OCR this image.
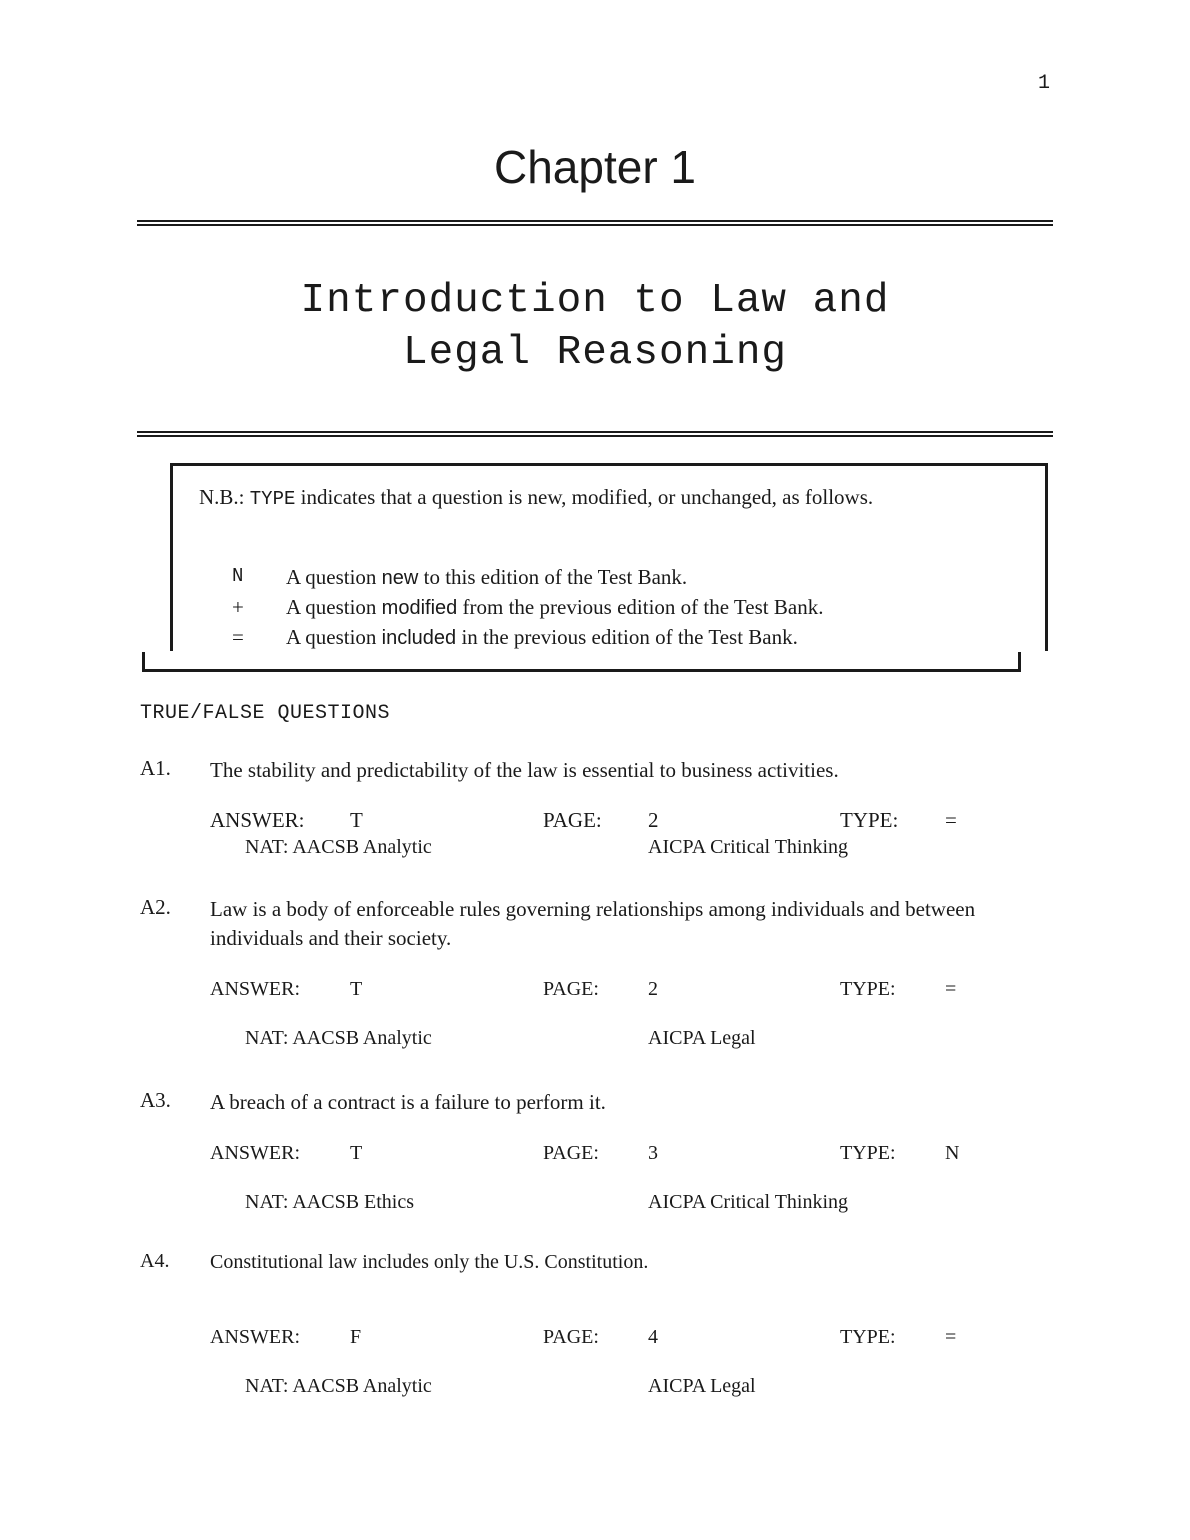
1
Chapter 1
Introduction to Law and
Legal Reasoning
N.B.: TYPE indicates that a question is new, modified, or unchanged, as follows.
N	A question new to this edition of the Test Bank.
+	A question modified from the previous edition of the Test Bank.
=	A question included in the previous edition of the Test Bank.
TRUE/FALSE QUESTIONS
A1. The stability and predictability of the law is essential to business activities.
ANSWER: T	PAGE: 2	TYPE: =
NAT: AACSB Analytic	AICPA Critical Thinking
A2. Law is a body of enforceable rules governing relationships among individuals and between individuals and their society.
ANSWER:	T	PAGE: 2	TYPE: =
NAT: AACSB Analytic	AICPA Legal
A3. A breach of a contract is a failure to perform it.
ANSWER:	T	PAGE: 3	TYPE: N
NAT: AACSB Ethics	AICPA Critical Thinking
A4. Constitutional law includes only the U.S. Constitution.
ANSWER:	F	PAGE: 4	TYPE: =
NAT: AACSB Analytic	AICPA Legal
